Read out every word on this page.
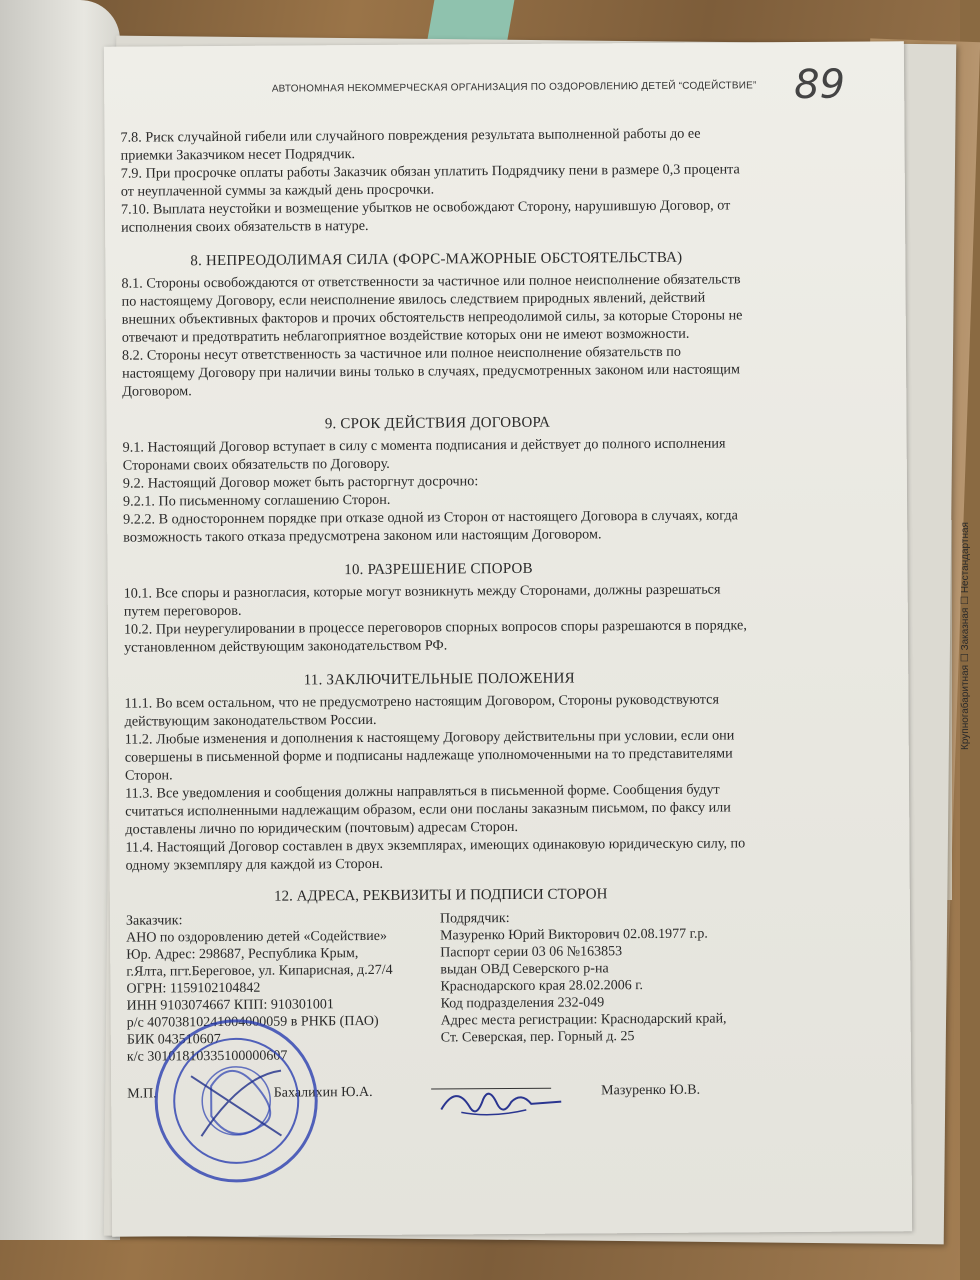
Крупногабаритная ☐ Заказная ☐ Нестандартная
АВТОНОМНАЯ НЕКОММЕРЧЕСКАЯ ОРГАНИЗАЦИЯ ПО ОЗДОРОВЛЕНИЮ ДЕТЕЙ “СОДЕЙСТВИЕ” 89

7.8. Риск случайной гибели или случайного повреждения результата выполненной работы до ее приемки Заказчиком несет Подрядчик.

7.9. При просрочке оплаты работы Заказчик обязан уплатить Подрядчику пени в размере 0,3 процента от неуплаченной суммы за каждый день просрочки.

7.10. Выплата неустойки и возмещение убытков не освобождают Сторону, нарушившую Договор, от исполнения своих обязательств в натуре.

8. НЕПРЕОДОЛИМАЯ СИЛА (ФОРС-МАЖОРНЫЕ ОБСТОЯТЕЛЬСТВА)

8.1. Стороны освобождаются от ответственности за частичное или полное неисполнение обязательств по настоящему Договору, если неисполнение явилось следствием природных явлений, действий внешних объективных факторов и прочих обстоятельств непреодолимой силы, за которые Стороны не отвечают и предотвратить неблагоприятное воздействие которых они не имеют возможности.

8.2. Стороны несут ответственность за частичное или полное неисполнение обязательств по настоящему Договору при наличии вины только в случаях, предусмотренных законом или настоящим Договором.

9. СРОК ДЕЙСТВИЯ ДОГОВОРА

9.1. Настоящий Договор вступает в силу с момента подписания и действует до полного исполнения Сторонами своих обязательств по Договору.

9.2. Настоящий Договор может быть расторгнут досрочно:

9.2.1. По письменному соглашению Сторон.

9.2.2. В одностороннем порядке при отказе одной из Сторон от настоящего Договора в случаях, когда возможность такого отказа предусмотрена законом или настоящим Договором.

10. РАЗРЕШЕНИЕ СПОРОВ

10.1. Все споры и разногласия, которые могут возникнуть между Сторонами, должны разрешаться путем переговоров.

10.2. При неурегулировании в процессе переговоров спорных вопросов споры разрешаются в порядке, установленном действующим законодательством РФ.

11. ЗАКЛЮЧИТЕЛЬНЫЕ ПОЛОЖЕНИЯ

11.1. Во всем остальном, что не предусмотрено настоящим Договором, Стороны руководствуются действующим законодательством России.

11.2. Любые изменения и дополнения к настоящему Договору действительны при условии, если они совершены в письменной форме и подписаны надлежаще уполномоченными на то представителями Сторон.

11.3. Все уведомления и сообщения должны направляться в письменной форме. Сообщения будут считаться исполненными надлежащим образом, если они посланы заказным письмом, по факсу или доставлены лично по юридическим (почтовым) адресам Сторон.

11.4. Настоящий Договор составлен в двух экземплярах, имеющих одинаковую юридическую силу, по одному экземпляру для каждой из Сторон.

12. АДРЕСА, РЕКВИЗИТЫ И ПОДПИСИ СТОРОН
Заказчик:
АНО по оздоровлению детей «Содействие»
Юр. Адрес: 298687, Республика Крым,
г.Ялта, пгт.Береговое, ул. Кипарисная, д.27/4
ОГРН: 1159102104842
ИНН 9103074667 КПП: 910301001
р/с 40703810241004000059 в РНКБ (ПАО)
БИК 043510607
к/с 30101810335100000607
Подрядчик:
Мазуренко Юрий Викторович 02.08.1977 г.р.
Паспорт серии 03 06 №163853
выдан ОВД Северского р-на
Краснодарского края 28.02.2006 г.
Код подразделения 232-049
Адрес места регистрации: Краснодарский край,
Ст. Северская, пер. Горный д. 25
М.П.	Бахалихин Ю.А.	Мазуренко Ю.В.
